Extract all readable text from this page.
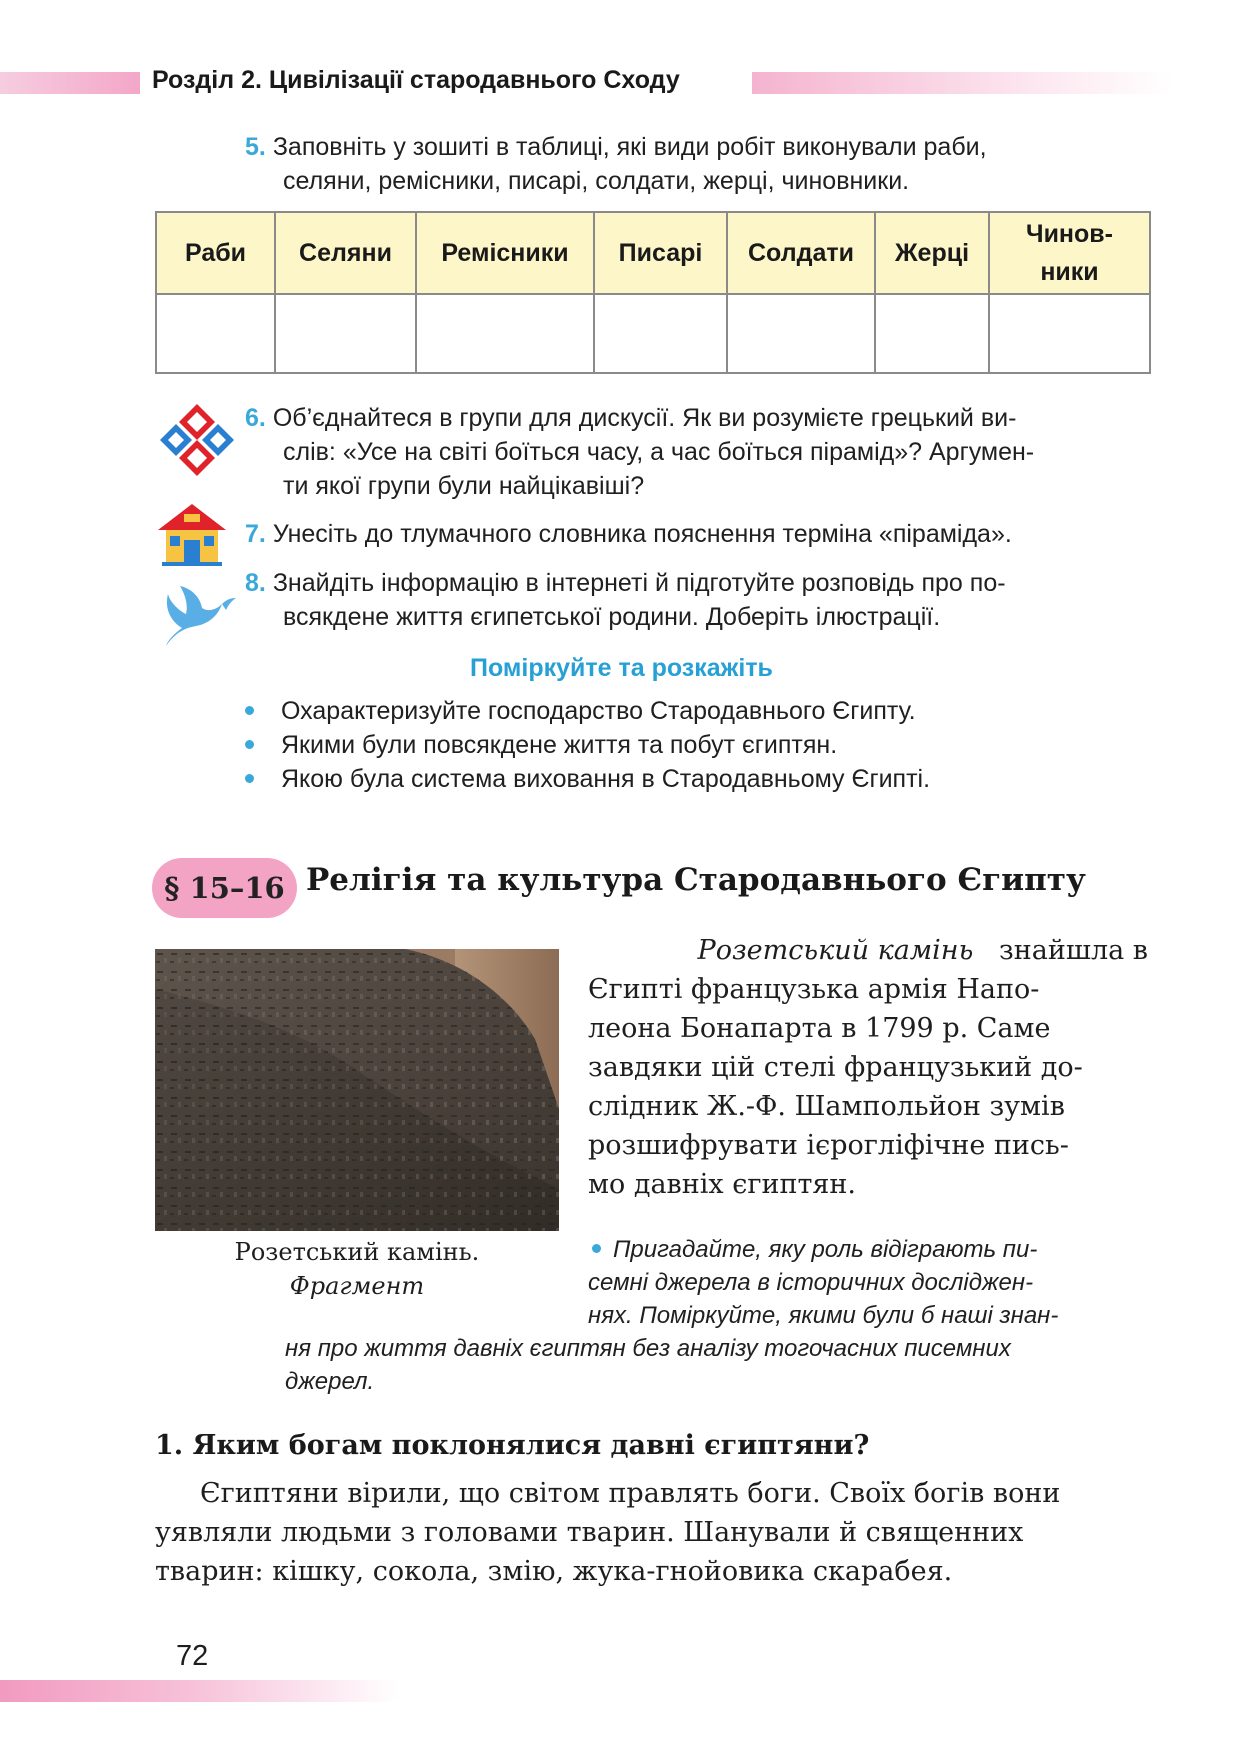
Розділ 2. Цивілізації стародавнього Сходу
5. Заповніть у зошиті в таблиці, які види робіт виконували раби,
селяни, ремісники, писарі, солдати, жерці, чиновники.
Раби	Селяни	Ремісники	Писарі	Солдати	Жерці	Чинов-
ники

6. Об’єднайтеся в групи для дискусії. Як ви розумієте грецький ви-
слів: «Усе на світі боїться часу, а час боїться пірамід»? Аргумен-
ти якої групи були найцікавіші?
7. Унесіть до тлумачного словника пояснення терміна «піраміда».
8. Знайдіть інформацію в інтернеті й підготуйте розповідь про по-
всякдене життя єгипетської родини. Доберіть ілюстрації.
Поміркуйте та розкажіть
Охарактеризуйте господарство Стародавнього Єгипту.
Якими були повсякдене життя та побут єгиптян.
Якою була система виховання в Стародавньому Єгипті.
§ 15–16 Релігія та культура Стародавнього Єгипту
Розетський камінь.
Фрагмент
Розетський камінь знайшла в
Єгипті французька армія Напо-
леона Бонапарта в 1799 р. Саме
завдяки цій стелі французький до-
слідник Ж.-Ф. Шампольйон зумів
розшифрувати ієрогліфічне пись-
мо давніх єгиптян.
Пригадайте, яку роль відіграють пи-
семні джерела в історичних досліджен-
нях. Поміркуйте, якими були б наші знан-
ня про життя давніх єгиптян без аналізу тогочасних писемних
джерел.
1. Яким богам поклонялися давні єгиптяни?
Єгиптяни вірили, що світом правлять боги. Своїх богів вони
уявляли людьми з головами тварин. Шанували й священних
тварин: кішку, сокола, змію, жука-гнойовика скарабея.
72
